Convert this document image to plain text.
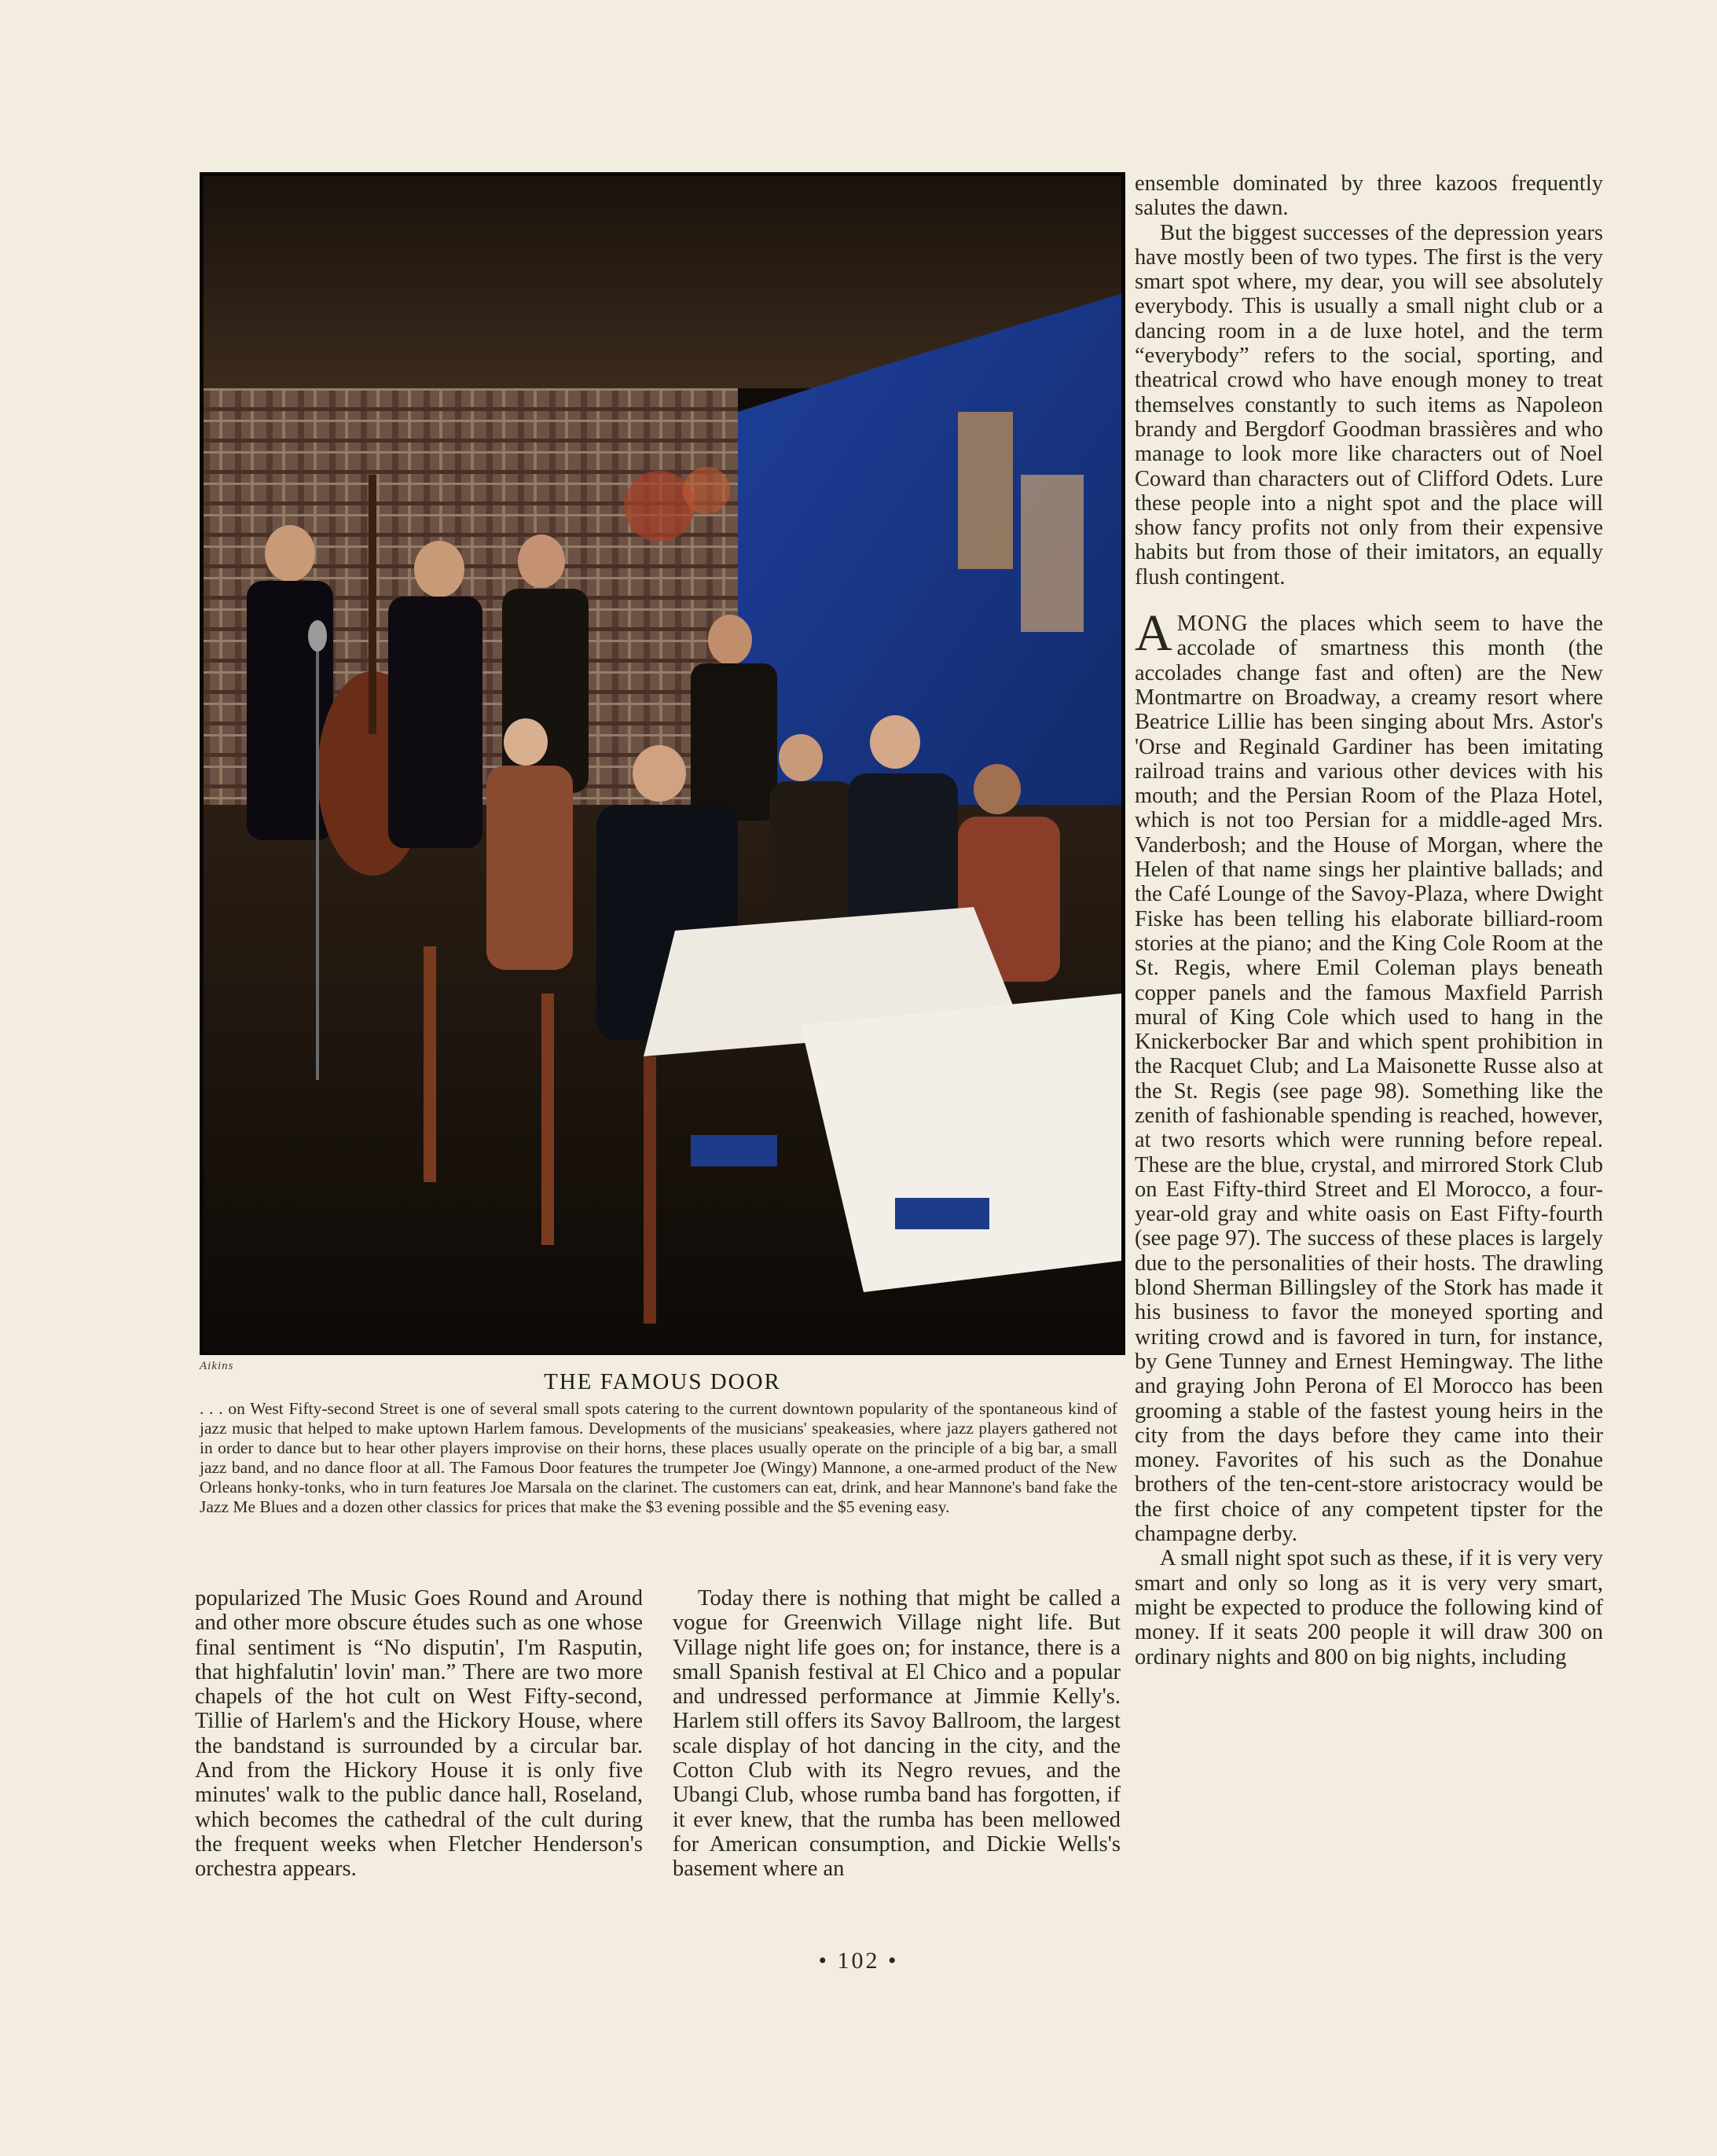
Aikins
THE FAMOUS DOOR
. . . on West Fifty-second Street is one of several small spots catering to the current downtown popularity of the spontaneous kind of jazz music that helped to make uptown Harlem famous. Developments of the musicians' speakeasies, where jazz players gathered not in order to dance but to hear other players improvise on their horns, these places usually operate on the principle of a big bar, a small jazz band, and no dance floor at all. The Famous Door features the trumpeter Joe (Wingy) Mannone, a one-armed product of the New Orleans honky-tonks, who in turn features Joe Marsala on the clarinet. The customers can eat, drink, and hear Mannone's band fake the Jazz Me Blues and a dozen other classics for prices that make the $3 evening possible and the $5 evening easy.

popularized The Music Goes Round and Around and other more obscure études such as one whose final sentiment is “No disputin', I'm Rasputin, that highfalutin' lovin' man.” There are two more chapels of the hot cult on West Fifty-second, Tillie of Harlem's and the Hickory House, where the bandstand is surrounded by a circular bar. And from the Hickory House it is only five minutes' walk to the public dance hall, Roseland, which becomes the cathedral of the cult during the frequent weeks when Fletcher Henderson's orchestra appears.

Today there is nothing that might be called a vogue for Greenwich Village night life. But Village night life goes on; for instance, there is a small Spanish festival at El Chico and a popular and undressed performance at Jimmie Kelly's. Harlem still offers its Savoy Ballroom, the largest scale display of hot dancing in the city, and the Cotton Club with its Negro revues, and the Ubangi Club, whose rumba band has forgotten, if it ever knew, that the rumba has been mellowed for American consumption, and Dickie Wells's basement where an

ensemble dominated by three kazoos frequently salutes the dawn.

But the biggest successes of the depression years have mostly been of two types. The first is the very smart spot where, my dear, you will see absolutely everybody. This is usually a small night club or a dancing room in a de luxe hotel, and the term “everybody” refers to the social, sporting, and theatrical crowd who have enough money to treat themselves constantly to such items as Napoleon brandy and Bergdorf Goodman brassières and who manage to look more like characters out of Noel Coward than characters out of Clifford Odets. Lure these people into a night spot and the place will show fancy profits not only from their expensive habits but from those of their imitators, an equally flush contingent.

AMONG the places which seem to have the accolade of smartness this month (the accolades change fast and often) are the New Montmartre on Broadway, a creamy resort where Beatrice Lillie has been singing about Mrs. Astor's 'Orse and Reginald Gardiner has been imitating railroad trains and various other devices with his mouth; and the Persian Room of the Plaza Hotel, which is not too Persian for a middle-aged Mrs. Vanderbosh; and the House of Morgan, where the Helen of that name sings her plaintive ballads; and the Café Lounge of the Savoy-Plaza, where Dwight Fiske has been telling his elaborate billiard-room stories at the piano; and the King Cole Room at the St. Regis, where Emil Coleman plays beneath copper panels and the famous Maxfield Parrish mural of King Cole which used to hang in the Knickerbocker Bar and which spent prohibition in the Racquet Club; and La Maisonette Russe also at the St. Regis (see page 98). Something like the zenith of fashionable spending is reached, however, at two resorts which were running before repeal. These are the blue, crystal, and mirrored Stork Club on East Fifty-third Street and El Morocco, a four-year-old gray and white oasis on East Fifty-fourth (see page 97). The success of these places is largely due to the personalities of their hosts. The drawling blond Sherman Billingsley of the Stork has made it his business to favor the moneyed sporting and writing crowd and is favored in turn, for instance, by Gene Tunney and Ernest Hemingway. The lithe and graying John Perona of El Morocco has been grooming a stable of the fastest young heirs in the city from the days before they came into their money. Favorites of his such as the Donahue brothers of the ten-cent-store aristocracy would be the first choice of any competent tipster for the champagne derby.

A small night spot such as these, if it is very very smart and only so long as it is very very smart, might be expected to produce the following kind of money. If it seats 200 people it will draw 300 on ordinary nights and 800 on big nights, including

• 102 •
